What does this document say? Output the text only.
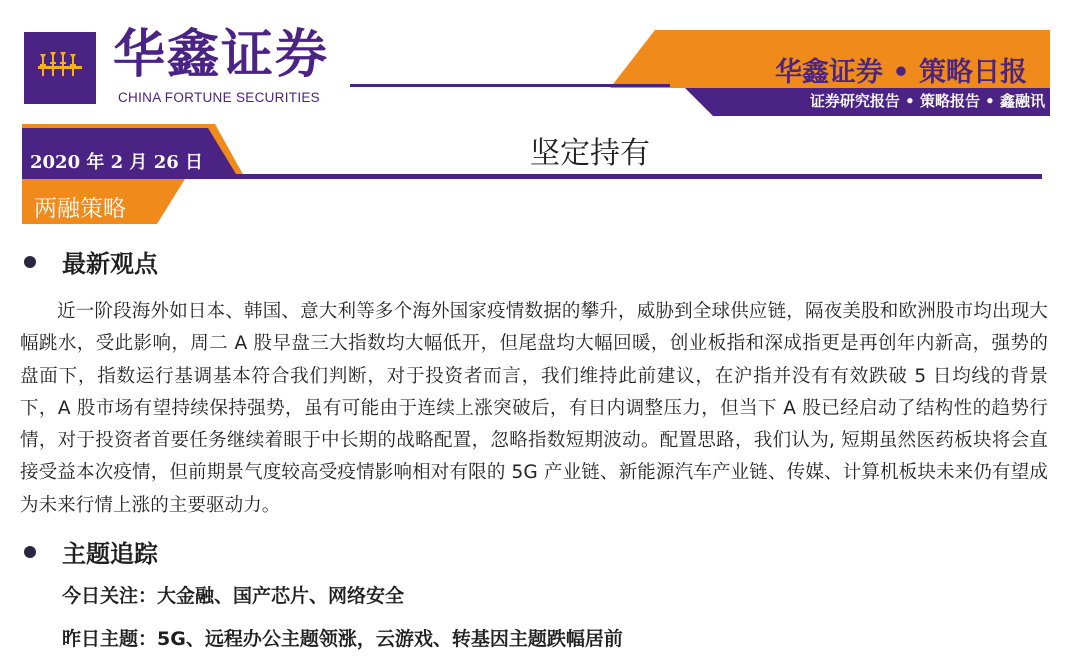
华鑫证券
CHINA FORTUNE SECURITIES
华鑫证券 • 策略日报
证券研究报告 • 策略报告 • 鑫融讯
2020 年 2 月 26 日	坚定持有
两融策略
最新观点

近一阶段海外如日本、韩国、意大利等多个海外国家疫情数据的攀升，威胁到全球供应链，隔夜美股和欧洲股市均出现大幅跳水，受此影响，周二 A 股早盘三大指数均大幅低开，但尾盘均大幅回暖，创业板指和深成指更是再创年内新高，强势的盘面下，指数运行基调基本符合我们判断，对于投资者而言，我们维持此前建议，在沪指并没有有效跌破 5 日均线的背景下，A 股市场有望持续保持强势，虽有可能由于连续上涨突破后，有日内调整压力，但当下 A 股已经启动了结构性的趋势行情，对于投资者首要任务继续着眼于中长期的战略配置，忽略指数短期波动。配置思路，我们认为, 短期虽然医药板块将会直接受益本次疫情，但前期景气度较高受疫情影响相对有限的 5G 产业链、新能源汽车产业链、传媒、计算机板块未来仍有望成为未来行情上涨的主要驱动力。

主题追踪
今日关注：大金融、国产芯片、网络安全
昨日主题：5G、远程办公主题领涨，云游戏、转基因主题跌幅居前
